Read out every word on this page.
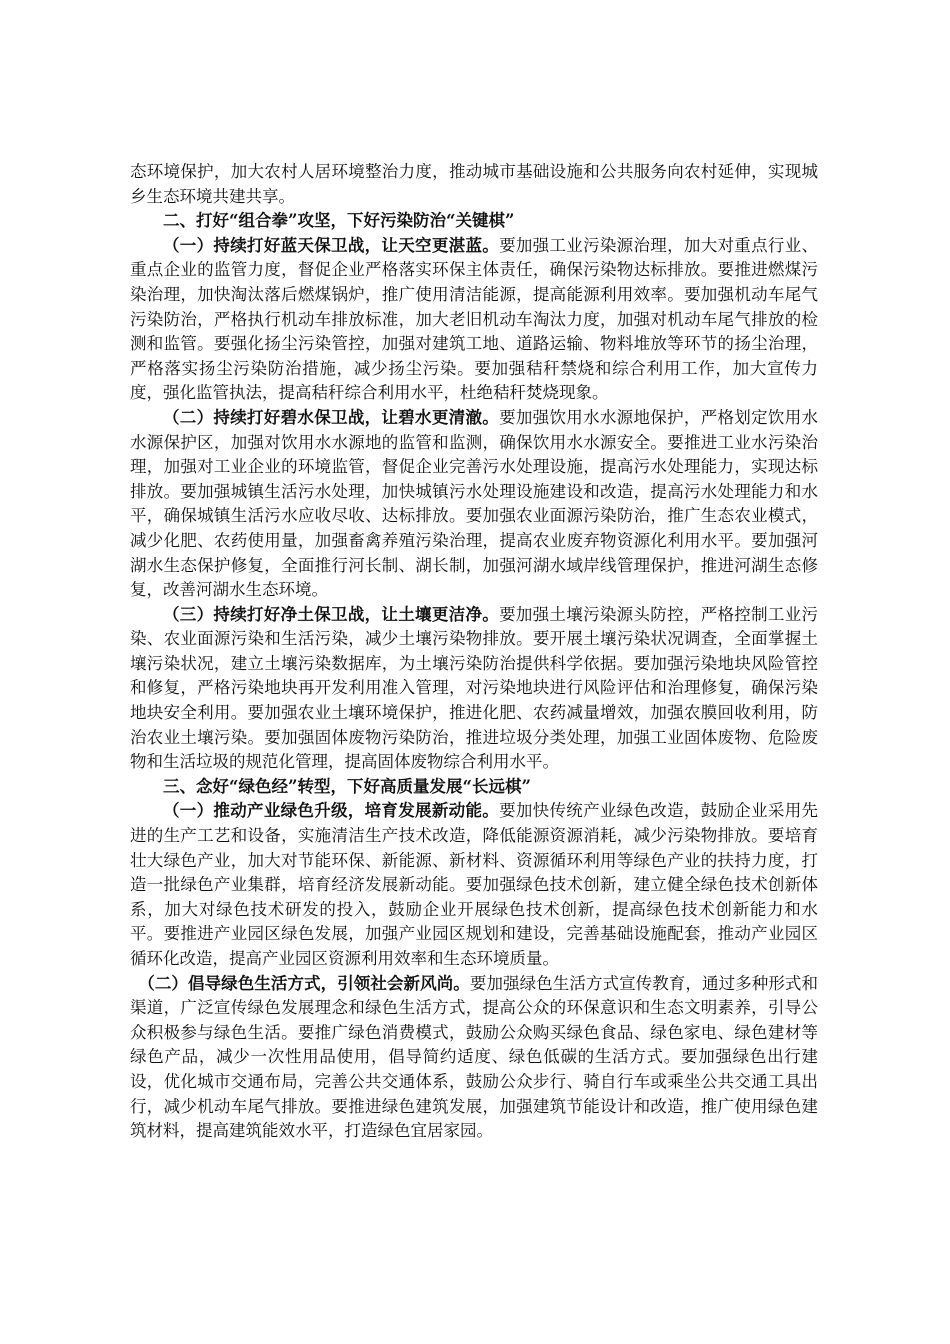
态环境保护，加大农村人居环境整治力度，推动城市基础设施和公共服务向农村延伸，实现城乡生态环境共建共享。

二、打好“组合拳”攻坚，下好污染防治“关键棋”

（一）持续打好蓝天保卫战，让天空更湛蓝。要加强工业污染源治理，加大对重点行业、重点企业的监管力度，督促企业严格落实环保主体责任，确保污染物达标排放。要推进燃煤污染治理，加快淘汰落后燃煤锅炉，推广使用清洁能源，提高能源利用效率。要加强机动车尾气污染防治，严格执行机动车排放标准，加大老旧机动车淘汰力度，加强对机动车尾气排放的检测和监管。要强化扬尘污染管控，加强对建筑工地、道路运输、物料堆放等环节的扬尘治理，严格落实扬尘污染防治措施，减少扬尘污染。要加强秸秆禁烧和综合利用工作，加大宣传力度，强化监管执法，提高秸秆综合利用水平，杜绝秸秆焚烧现象。

（二）持续打好碧水保卫战，让碧水更清澈。要加强饮用水水源地保护，严格划定饮用水水源保护区，加强对饮用水水源地的监管和监测，确保饮用水水源安全。要推进工业水污染治理，加强对工业企业的环境监管，督促企业完善污水处理设施，提高污水处理能力，实现达标排放。要加强城镇生活污水处理，加快城镇污水处理设施建设和改造，提高污水处理能力和水平，确保城镇生活污水应收尽收、达标排放。要加强农业面源污染防治，推广生态农业模式，减少化肥、农药使用量，加强畜禽养殖污染治理，提高农业废弃物资源化利用水平。要加强河湖水生态保护修复，全面推行河长制、湖长制，加强河湖水域岸线管理保护，推进河湖生态修复，改善河湖水生态环境。

（三）持续打好净土保卫战，让土壤更洁净。要加强土壤污染源头防控，严格控制工业污染、农业面源污染和生活污染，减少土壤污染物排放。要开展土壤污染状况调查，全面掌握土壤污染状况，建立土壤污染数据库，为土壤污染防治提供科学依据。要加强污染地块风险管控和修复，严格污染地块再开发利用准入管理，对污染地块进行风险评估和治理修复，确保污染地块安全利用。要加强农业土壤环境保护，推进化肥、农药减量增效，加强农膜回收利用，防治农业土壤污染。要加强固体废物污染防治，推进垃圾分类处理，加强工业固体废物、危险废物和生活垃圾的规范化管理，提高固体废物综合利用水平。

三、念好“绿色经”转型，下好高质量发展“长远棋”

（一）推动产业绿色升级，培育发展新动能。要加快传统产业绿色改造，鼓励企业采用先进的生产工艺和设备，实施清洁生产技术改造，降低能源资源消耗，减少污染物排放。要培育壮大绿色产业，加大对节能环保、新能源、新材料、资源循环利用等绿色产业的扶持力度，打造一批绿色产业集群，培育经济发展新动能。要加强绿色技术创新，建立健全绿色技术创新体系，加大对绿色技术研发的投入，鼓励企业开展绿色技术创新，提高绿色技术创新能力和水平。要推进产业园区绿色发展，加强产业园区规划和建设，完善基础设施配套，推动产业园区循环化改造，提高产业园区资源利用效率和生态环境质量。

（二）倡导绿色生活方式，引领社会新风尚。要加强绿色生活方式宣传教育，通过多种形式和渠道，广泛宣传绿色发展理念和绿色生活方式，提高公众的环保意识和生态文明素养，引导公众积极参与绿色生活。要推广绿色消费模式，鼓励公众购买绿色食品、绿色家电、绿色建材等绿色产品，减少一次性用品使用，倡导简约适度、绿色低碳的生活方式。要加强绿色出行建设，优化城市交通布局，完善公共交通体系，鼓励公众步行、骑自行车或乘坐公共交通工具出行，减少机动车尾气排放。要推进绿色建筑发展，加强建筑节能设计和改造，推广使用绿色建筑材料，提高建筑能效水平，打造绿色宜居家园。
